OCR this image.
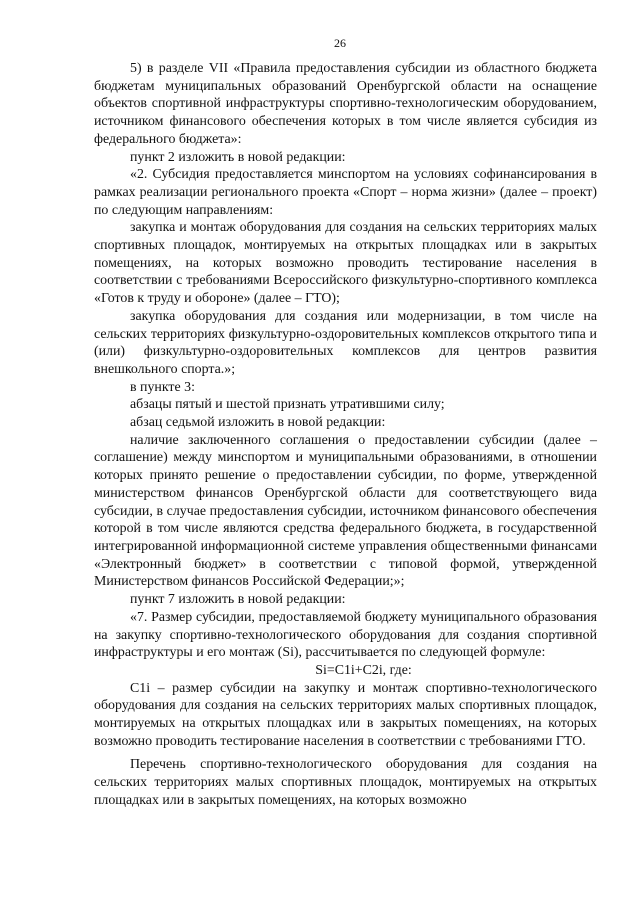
26

5) в разделе VII «Правила предоставления субсидии из областного бюджета бюджетам муниципальных образований Оренбургской области на оснащение объектов спортивной инфраструктуры спортивно-технологическим оборудованием, источником финансового обеспечения которых в том числе является субсидия из федерального бюджета»:

пункт 2 изложить в новой редакции:

«2. Субсидия предоставляется минспортом на условиях софинансирования в рамках реализации регионального проекта «Спорт – норма жизни» (далее – проект) по следующим направлениям:

закупка и монтаж оборудования для создания на сельских территориях малых спортивных площадок, монтируемых на открытых площадках или в закрытых помещениях, на которых возможно проводить тестирование населения в соответствии с требованиями Всероссийского физкультурно-спортивного комплекса «Готов к труду и обороне» (далее – ГТО);

закупка оборудования для создания или модернизации, в том числе на сельских территориях физкультурно-оздоровительных комплексов открытого типа и (или) физкультурно-оздоровительных комплексов для центров развития внешкольного спорта.»;

в пункте 3:

абзацы пятый и шестой признать утратившими силу;

абзац седьмой изложить в новой редакции:

наличие заключенного соглашения о предоставлении субсидии (далее – соглашение) между минспортом и муниципальными образованиями, в отношении которых принято решение о предоставлении субсидии, по форме, утвержденной министерством финансов Оренбургской области для соответствующего вида субсидии, в случае предоставления субсидии, источником финансового обеспечения которой в том числе являются средства федерального бюджета, в государственной интегрированной информационной системе управления общественными финансами «Электронный бюджет» в соответствии с типовой формой, утвержденной Министерством финансов Российской Федерации;»;

пункт 7 изложить в новой редакции:

«7. Размер субсидии, предоставляемой бюджету муниципального образования на закупку спортивно-технологического оборудования для создания спортивной инфраструктуры и его монтаж (Si), рассчитывается по следующей формуле:

Si=C1i+C2i, где:

C1i – размер субсидии на закупку и монтаж спортивно-технологического оборудования для создания на сельских территориях малых спортивных площадок, монтируемых на открытых площадках или в закрытых помещениях, на которых возможно проводить тестирование населения в соответствии с требованиями ГТО.

Перечень спортивно-технологического оборудования для создания на сельских территориях малых спортивных площадок, монтируемых на открытых площадках или в закрытых помещениях, на которых возможно
